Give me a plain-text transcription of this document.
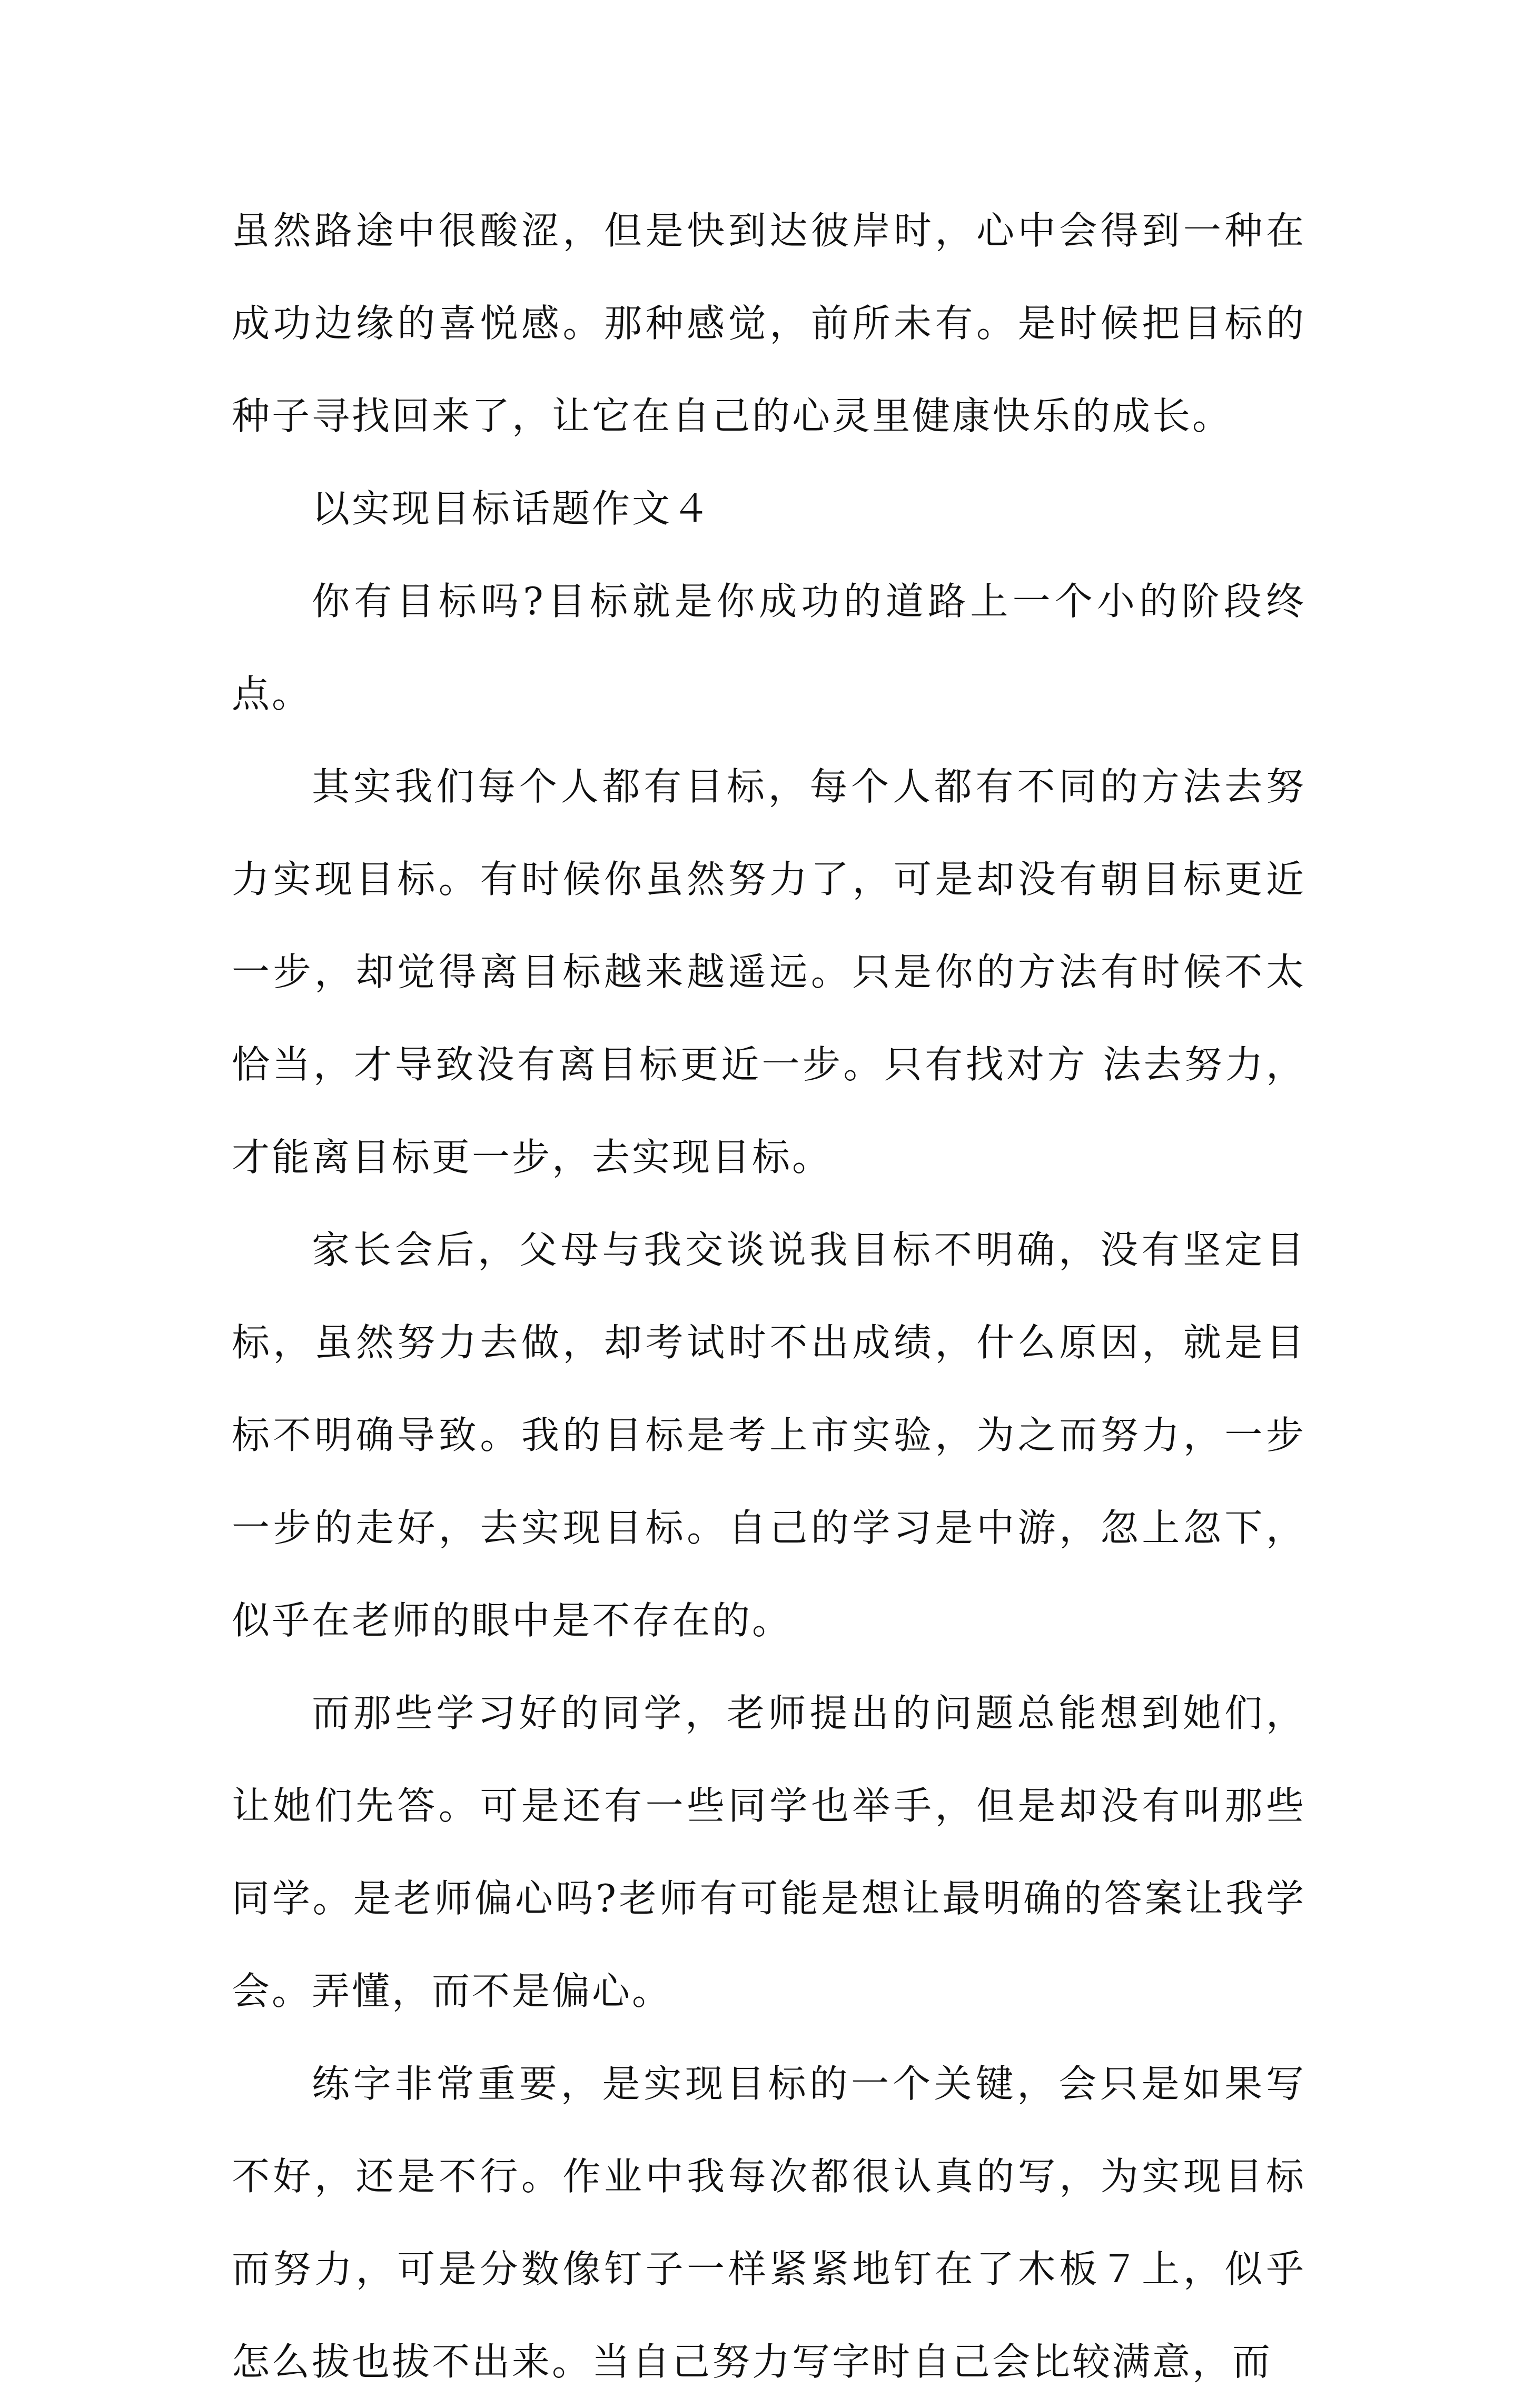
虽然路途中很酸涩，但是快到达彼岸时，心中会得到一种在成功边缘的喜悦感。那种感觉，前所未有。是时候把目标的种子寻找回来了，让它在自己的心灵里健康快乐的成长。

以实现目标话题作文４

你有目标吗?目标就是你成功的道路上一个小的阶段终点。

其实我们每个人都有目标，每个人都有不同的方法去努力实现目标。有时候你虽然努力了，可是却没有朝目标更近一步，却觉得离目标越来越遥远。只是你的方法有时候不太恰当，才导致没有离目标更近一步。只有找对方 法去努力，才能离目标更一步，去实现目标。

家长会后，父母与我交谈说我目标不明确，没有坚定目标，虽然努力去做，却考试时不出成绩，什么原因，就是目标不明确导致。我的目标是考上市实验，为之而努力，一步一步的走好，去实现目标。自己的学习是中游，忽上忽下，似乎在老师的眼中是不存在的。

而那些学习好的同学，老师提出的问题总能想到她们，让她们先答。可是还有一些同学也举手，但是却没有叫那些同学。是老师偏心吗?老师有可能是想让最明确的答案让我学会。弄懂，而不是偏心。

练字非常重要，是实现目标的一个关键，会只是如果写不好，还是不行。作业中我每次都很认真的写，为实现目标而努力，可是分数像钉子一样紧紧地钉在了木板７上，似乎怎么拔也拔不出来。当自己努力写字时自己会比较满意，而
